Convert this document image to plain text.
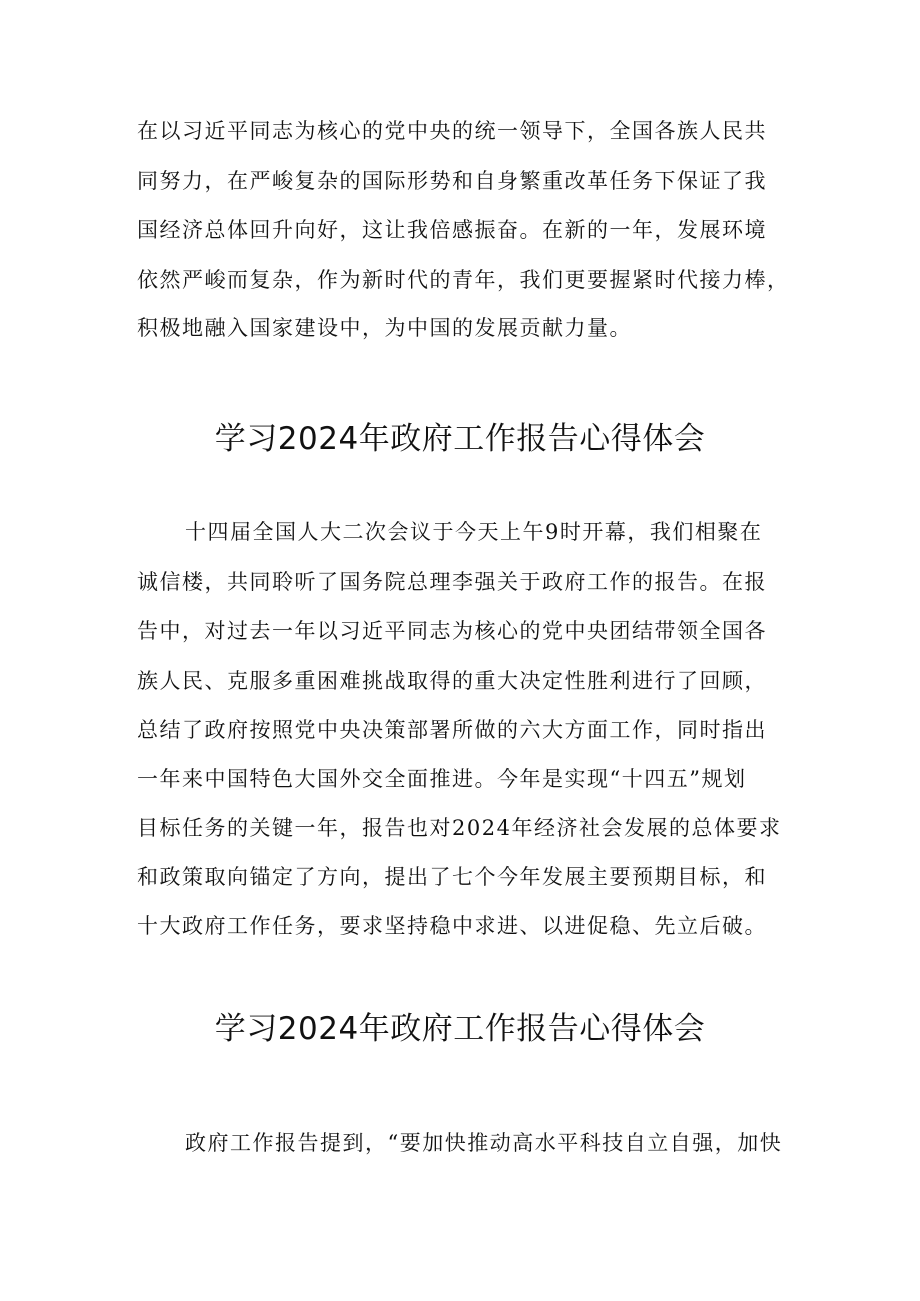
在以习近平同志为核心的党中央的统一领导下，全国各族人民共

同努力，在严峻复杂的国际形势和自身繁重改革任务下保证了我

国经济总体回升向好，这让我倍感振奋。在新的一年，发展环境

依然严峻而复杂，作为新时代的青年，我们更要握紧时代接力棒，

积极地融入国家建设中，为中国的发展贡献力量。

学习2024年政府工作报告心得体会

十四届全国人大二次会议于今天上午9时开幕，我们相聚在

诚信楼，共同聆听了国务院总理李强关于政府工作的报告。在报

告中，对过去一年以习近平同志为核心的党中央团结带领全国各

族人民、克服多重困难挑战取得的重大决定性胜利进行了回顾，

总结了政府按照党中央决策部署所做的六大方面工作，同时指出

一年来中国特色大国外交全面推进。今年是实现“十四五”规划

目标任务的关键一年，报告也对2024年经济社会发展的总体要求

和政策取向锚定了方向，提出了七个今年发展主要预期目标，和

十大政府工作任务，要求坚持稳中求进、以进促稳、先立后破。

学习2024年政府工作报告心得体会

政府工作报告提到，“要加快推动高水平科技自立自强，加快
